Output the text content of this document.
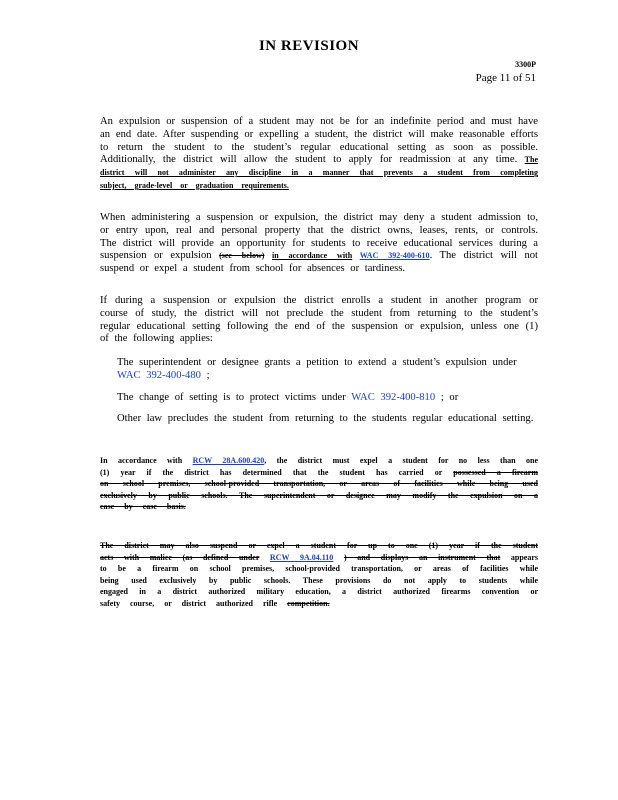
IN REVISION
3300P
Page 11 of 51
An expulsion or suspension of a student may not be for an indefinite period and must have an end date. After suspending or expelling a student, the district will make reasonable efforts to return the student to the student’s regular educational setting as soon as possible. Additionally, the district will allow the student to apply for readmission at any time. The district will not administer any discipline in a manner that prevents a student from completing subject, grade-level or graduation requirements.
When administering a suspension or expulsion, the district may deny a student admission to, or entry upon, real and personal property that the district owns, leases, rents, or controls. The district will provide an opportunity for students to receive educational services during a suspension or expulsion (see below) in accordance with WAC 392-400-610. The district will not suspend or expel a student from school for absences or tardiness.
If during a suspension or expulsion the district enrolls a student in another program or course of study, the district will not preclude the student from returning to the student’s regular educational setting following the end of the suspension or expulsion, unless one (1) of the following applies:
The superintendent or designee grants a petition to extend a student’s expulsion under WAC 392-400-480 ;
The change of setting is to protect victims under WAC 392-400-810 ; or
Other law precludes the student from returning to the students regular educational setting.
In accordance with RCW 28A.600.420, the district must expel a student for no less than one (1) year if the district has determined that the student has carried or possessed a firearm on school premises, school-provided transportation, or areas of facilities while being used exclusively by public schools. The superintendent or designee may modify the expulsion on a case by case basis.
The district may also suspend or expel a student for up to one (1) year if the student acts with malice (as defined under RCW 9A.04.110 ) and displays an instrument that appears to be a firearm on school premises, school-provided transportation, or areas of facilities while being used exclusively by public schools. These provisions do not apply to students while engaged in a district authorized military education, a district authorized firearms convention or safety course, or district authorized rifle competition.
